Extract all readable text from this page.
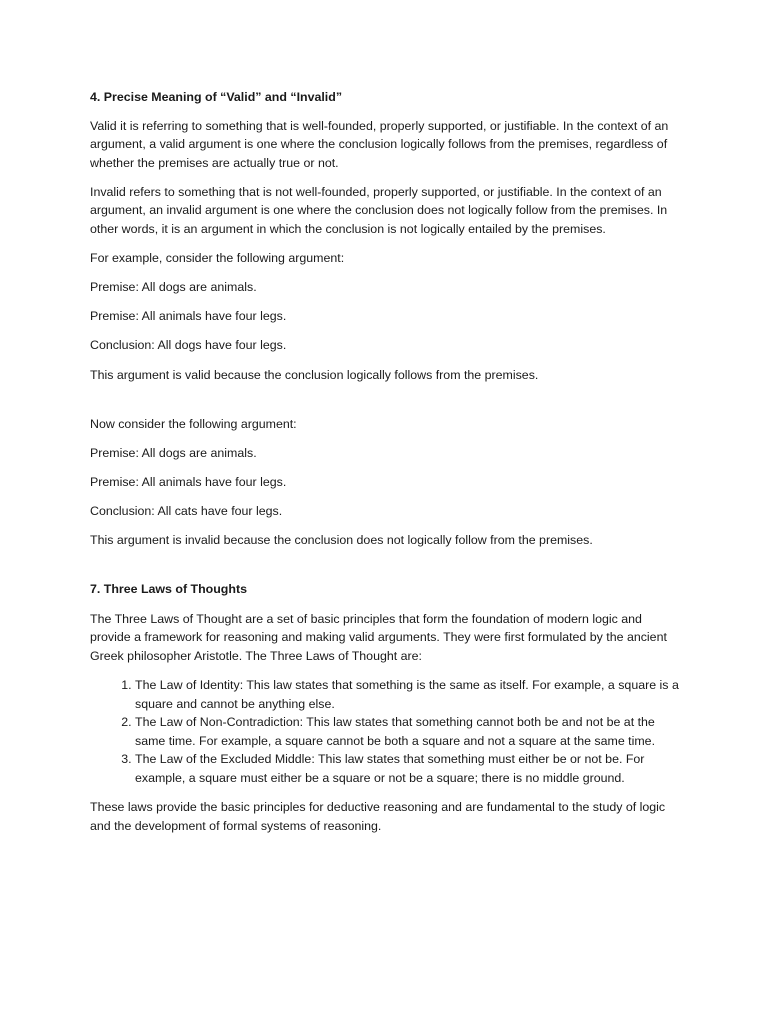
4. Precise Meaning of “Valid” and “Invalid”

Valid it is referring to something that is well-founded, properly supported, or justifiable. In the context of an argument, a valid argument is one where the conclusion logically follows from the premises, regardless of whether the premises are actually true or not.

Invalid refers to something that is not well-founded, properly supported, or justifiable. In the context of an argument, an invalid argument is one where the conclusion does not logically follow from the premises. In other words, it is an argument in which the conclusion is not logically entailed by the premises.

For example, consider the following argument:

Premise: All dogs are animals.

Premise: All animals have four legs.

Conclusion: All dogs have four legs.

This argument is valid because the conclusion logically follows from the premises.

Now consider the following argument:

Premise: All dogs are animals.

Premise: All animals have four legs.

Conclusion: All cats have four legs.

This argument is invalid because the conclusion does not logically follow from the premises.

7. Three Laws of Thoughts

The Three Laws of Thought are a set of basic principles that form the foundation of modern logic and provide a framework for reasoning and making valid arguments. They were first formulated by the ancient Greek philosopher Aristotle. The Three Laws of Thought are:

1. The Law of Identity: This law states that something is the same as itself. For example, a square is a square and cannot be anything else.
2. The Law of Non-Contradiction: This law states that something cannot both be and not be at the same time. For example, a square cannot be both a square and not a square at the same time.
3. The Law of the Excluded Middle: This law states that something must either be or not be. For example, a square must either be a square or not be a square; there is no middle ground.

These laws provide the basic principles for deductive reasoning and are fundamental to the study of logic and the development of formal systems of reasoning.
